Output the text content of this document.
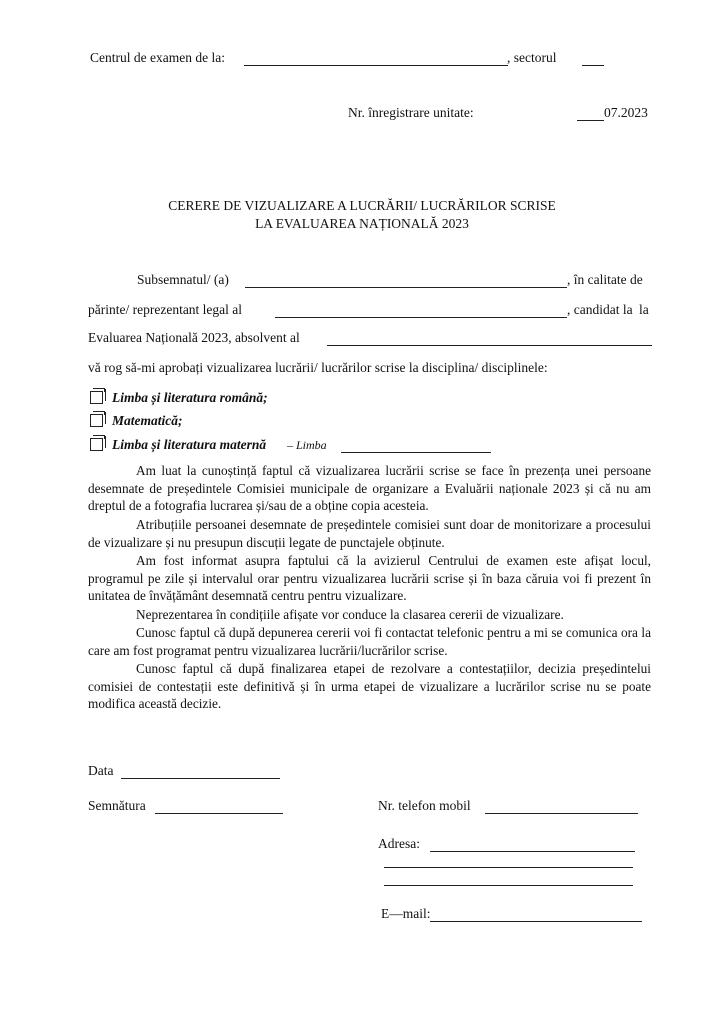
Centrul de examen de la:	, sectorul
Nr. înregistrare unitate:	07.2023
CERERE DE VIZUALIZARE A LUCRĂRII/ LUCRĂRILOR SCRISE
LA EVALUAREA NAȚIONALĂ 2023
Subsemnatul/ (a)	, în calitate de
părinte/ reprezentant legal al	, candidat la la
Evaluarea Națională 2023, absolvent al
vă rog să-mi aprobați vizualizarea lucrării/ lucrărilor scrise la disciplina/ disciplinele:
Limba și literatura română;
Matematică;
Limba și literatura maternă – Limba
Am luat la cunoștință faptul că vizualizarea lucrării scrise se face în prezența unei persoane desemnate de președintele Comisiei municipale de organizare a Evaluării naționale 2023 și că nu am dreptul de a fotografia lucrarea și/sau de a obține copia acesteia.
Atribuțiile persoanei desemnate de președintele comisiei sunt doar de monitorizare a procesului de vizualizare și nu presupun discuții legate de punctajele obținute.
Am fost informat asupra faptului că la avizierul Centrului de examen este afișat locul, programul pe zile și intervalul orar pentru vizualizarea lucrării scrise și în baza căruia voi fi prezent în unitatea de învățământ desemnată centru pentru vizualizare.
Neprezentarea în condițiile afișate vor conduce la clasarea cererii de vizualizare.
Cunosc faptul că după depunerea cererii voi fi contactat telefonic pentru a mi se comunica ora la care am fost programat pentru vizualizarea lucrării/lucrărilor scrise.
Cunosc faptul că după finalizarea etapei de rezolvare a contestațiilor, decizia președintelui comisiei de contestații este definitivă și în urma etapei de vizualizare a lucrărilor scrise nu se poate modifica această decizie.
Data
Semnătura	Nr. telefon mobil
Adresa:
E—mail:
